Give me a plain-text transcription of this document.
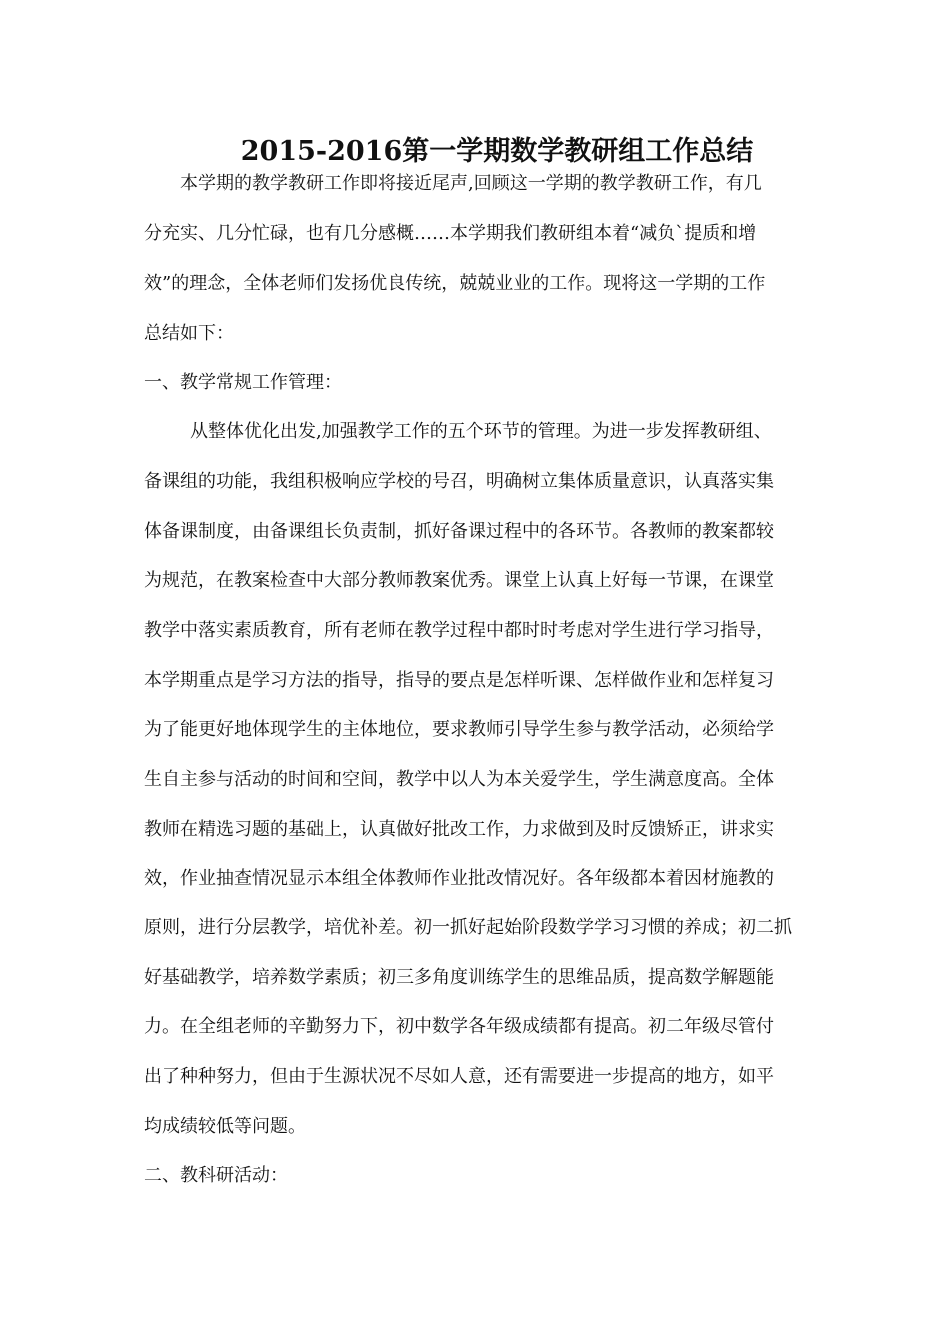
2015-2016第一学期数学教研组工作总结
本学期的教学教研工作即将接近尾声,回顾这一学期的教学教研工作，有几
分充实、几分忙碌，也有几分感概……本学期我们教研组本着“减负`提质和增
效”的理念，全体老师们发扬优良传统，兢兢业业的工作。现将这一学期的工作
总结如下：
一、教学常规工作管理：
从整体优化出发,加强教学工作的五个环节的管理。为进一步发挥教研组、
备课组的功能，我组积极响应学校的号召，明确树立集体质量意识，认真落实集
体备课制度，由备课组长负责制，抓好备课过程中的各环节。各教师的教案都较
为规范，在教案检查中大部分教师教案优秀。课堂上认真上好每一节课，在课堂
教学中落实素质教育，所有老师在教学过程中都时时考虑对学生进行学习指导，
本学期重点是学习方法的指导，指导的要点是怎样听课、怎样做作业和怎样复习
为了能更好地体现学生的主体地位，要求教师引导学生参与教学活动，必须给学
生自主参与活动的时间和空间，教学中以人为本关爱学生，学生满意度高。全体
教师在精选习题的基础上，认真做好批改工作，力求做到及时反馈矫正，讲求实
效，作业抽查情况显示本组全体教师作业批改情况好。各年级都本着因材施教的
原则，进行分层教学，培优补差。初一抓好起始阶段数学学习习惯的养成；初二抓
好基础教学，培养数学素质；初三多角度训练学生的思维品质，提高数学解题能
力。在全组老师的辛勤努力下，初中数学各年级成绩都有提高。初二年级尽管付
出了种种努力，但由于生源状况不尽如人意，还有需要进一步提高的地方，如平
均成绩较低等问题。
二、教科研活动：
